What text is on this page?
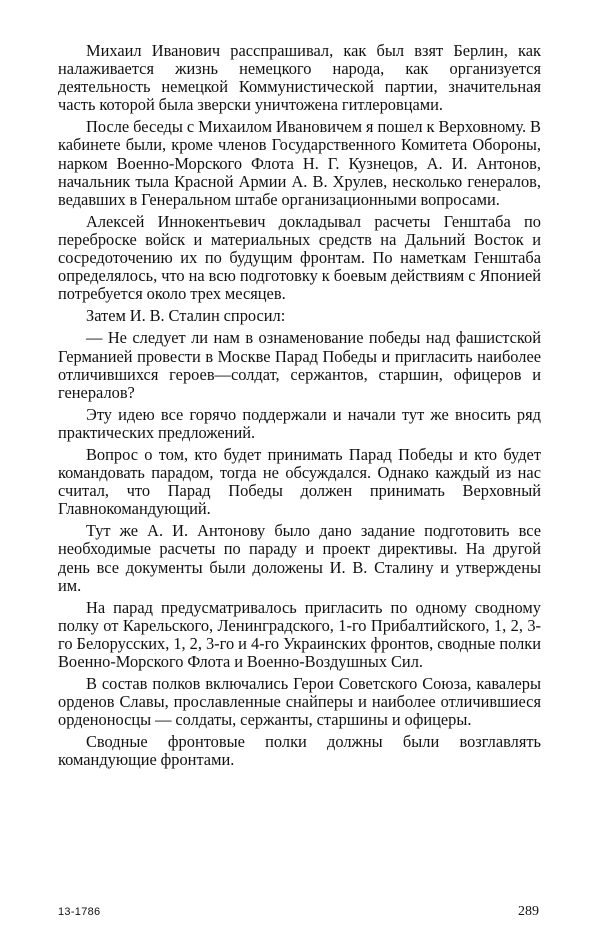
Михаил Иванович расспрашивал, как был взят Берлин, как налаживается жизнь немецкого народа, как организуется деятельность немецкой Коммунистической партии, значительная часть которой была зверски уничтожена гитлеровцами.

После беседы с Михаилом Ивановичем я пошел к Верховному. В кабинете были, кроме членов Государственного Комитета Обороны, нарком Военно-Морского Флота Н. Г. Кузнецов, А. И. Антонов, начальник тыла Красной Армии А. В. Хрулев, несколько генералов, ведавших в Генеральном штабе организационными вопросами.

Алексей Иннокентьевич докладывал расчеты Генштаба по переброске войск и материальных средств на Дальний Восток и сосредоточению их по будущим фронтам. По наметкам Генштаба определялось, что на всю подготовку к боевым действиям с Японией потребуется около трех месяцев.

Затем И. В. Сталин спросил:

— Не следует ли нам в ознаменование победы над фашистской Германией провести в Москве Парад Победы и пригласить наиболее отличившихся героев—солдат, сержантов, старшин, офицеров и генералов?

Эту идею все горячо поддержали и начали тут же вносить ряд практических предложений.

Вопрос о том, кто будет принимать Парад Победы и кто будет командовать парадом, тогда не обсуждался. Однако каждый из нас считал, что Парад Победы должен принимать Верховный Главнокомандующий.

Тут же А. И. Антонову было дано задание подготовить все необходимые расчеты по параду и проект директивы. На другой день все документы были доложены И. В. Сталину и утверждены им.

На парад предусматривалось пригласить по одному сводному полку от Карельского, Ленинградского, 1-го Прибалтийского, 1, 2, 3-го Белорусских, 1, 2, 3-го и 4-го Украинских фронтов, сводные полки Военно-Морского Флота и Военно-Воздушных Сил.

В состав полков включались Герои Советского Союза, кавалеры орденов Славы, прославленные снайперы и наиболее отличившиеся орденоносцы — солдаты, сержанты, старшины и офицеры.

Сводные фронтовые полки должны были возглавлять командующие фронтами.

13-1786	289
